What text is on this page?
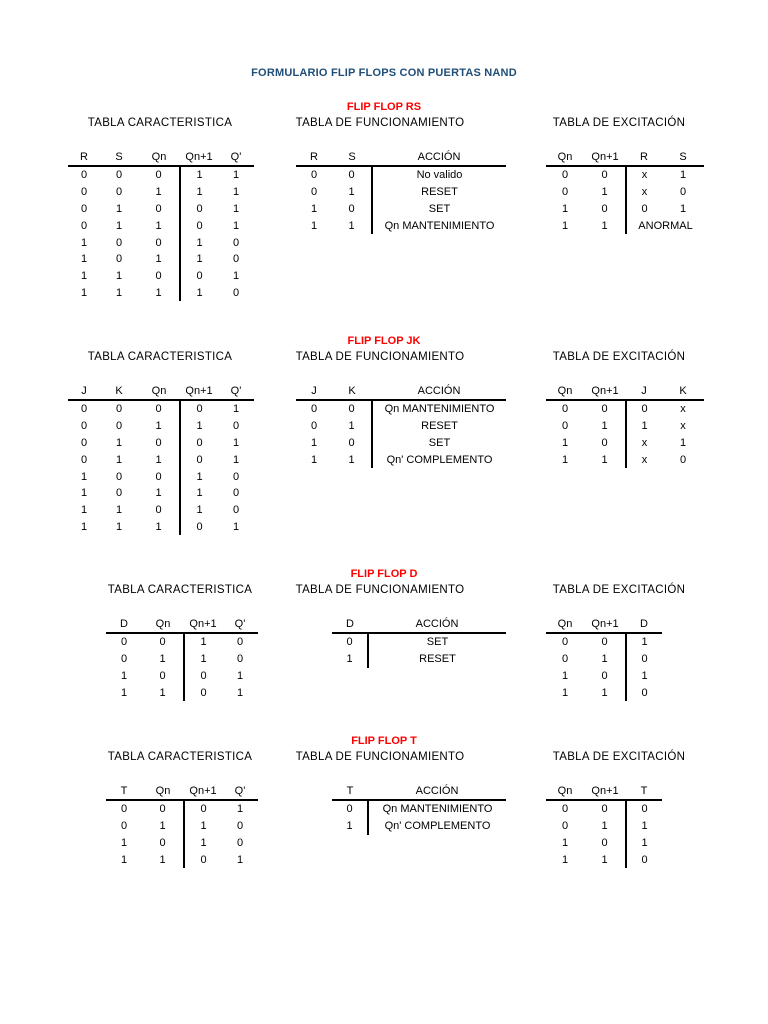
FORMULARIO FLIP FLOPS CON PUERTAS NAND
FLIP FLOP RS
TABLA CARACTERISTICA	TABLA DE FUNCIONAMIENTO	TABLA DE EXCITACIÓN
R	S	Qn	Qn+1	Q'
0	0	0	1	1
0	0	1	1	1
0	1	0	0	1
0	1	1	0	1
1	0	0	1	0
1	0	1	1	0
1	1	0	0	1
1	1	1	1	0
R	S	ACCIÓN
0	0	No valido
0	1	RESET
1	0	SET
1	1	Qn MANTENIMIENTO
Qn	Qn+1	R	S
0	0	x	1
0	1	x	0
1	0	0	1
1	1	ANORMAL	
FLIP FLOP JK
TABLA CARACTERISTICA	TABLA DE FUNCIONAMIENTO	TABLA DE EXCITACIÓN
J	K	Qn	Qn+1	Q'
0	0	0	0	1
0	0	1	1	0
0	1	0	0	1
0	1	1	0	1
1	0	0	1	0
1	0	1	1	0
1	1	0	1	0
1	1	1	0	1
J	K	ACCIÓN
0	0	Qn MANTENIMIENTO
0	1	RESET
1	0	SET
1	1	Qn' COMPLEMENTO
Qn	Qn+1	J	K
0	0	0	x
0	1	1	x
1	0	x	1
1	1	x	0
FLIP FLOP D
TABLA CARACTERISTICA	TABLA DE FUNCIONAMIENTO	TABLA DE EXCITACIÓN
D	Qn	Qn+1	Q'
0	0	1	0
0	1	1	0
1	0	0	1
1	1	0	1
D	ACCIÓN
0	SET
1	RESET
Qn	Qn+1	D
0	0	1
0	1	0
1	0	1
1	1	0
FLIP FLOP T
TABLA CARACTERISTICA	TABLA DE FUNCIONAMIENTO	TABLA DE EXCITACIÓN
T	Qn	Qn+1	Q'
0	0	0	1
0	1	1	0
1	0	1	0
1	1	0	1
T	ACCIÓN
0	Qn MANTENIMIENTO
1	Qn' COMPLEMENTO
Qn	Qn+1	T
0	0	0
0	1	1
1	0	1
1	1	0
